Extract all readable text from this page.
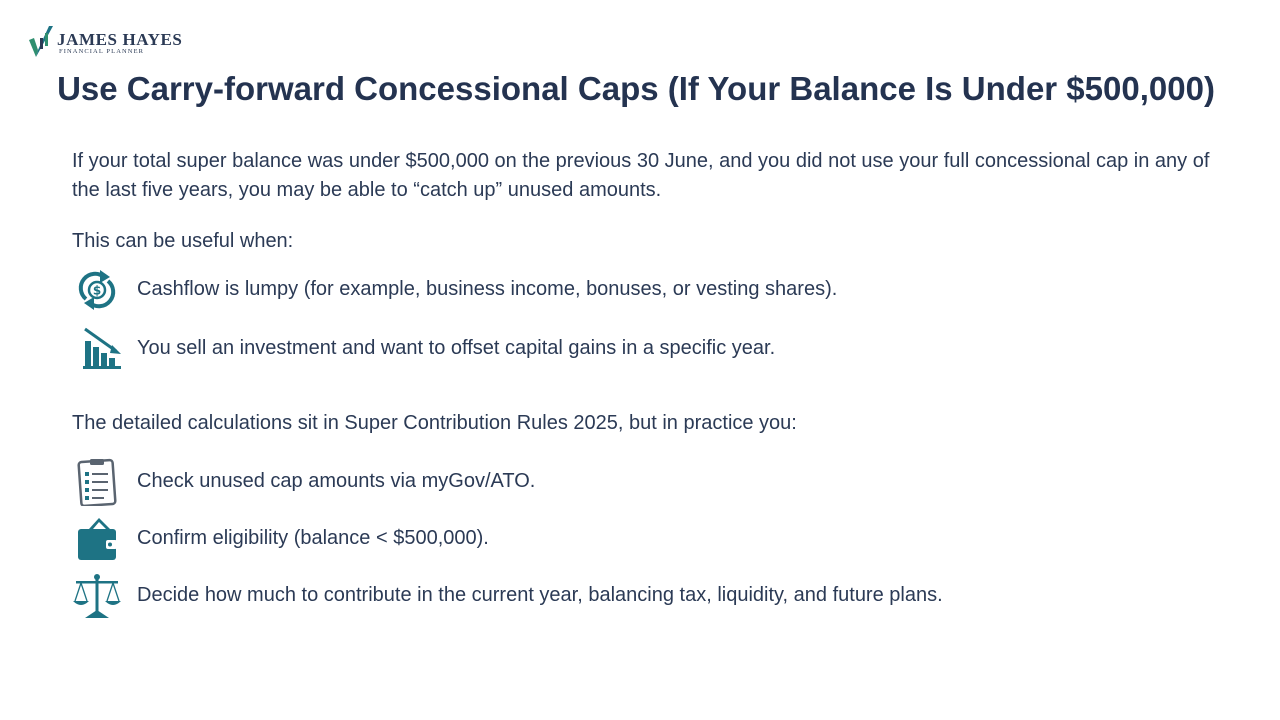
JAMES HAYES
FINANCIAL PLANNER
Use Carry-forward Concessional Caps (If Your Balance Is Under $500,000)

If your total super balance was under $500,000 on the previous 30 June, and you did not use your full concessional cap in any of the last five years, you may be able to “catch up” unused amounts.

This can be useful when:

$ Cashflow is lumpy (for example, business income, bonuses, or vesting shares).
You sell an investment and want to offset capital gains in a specific year.

The detailed calculations sit in Super Contribution Rules 2025, but in practice you:

Check unused cap amounts via myGov/ATO.
Confirm eligibility (balance < $500,000).
Decide how much to contribute in the current year, balancing tax, liquidity, and future plans.
